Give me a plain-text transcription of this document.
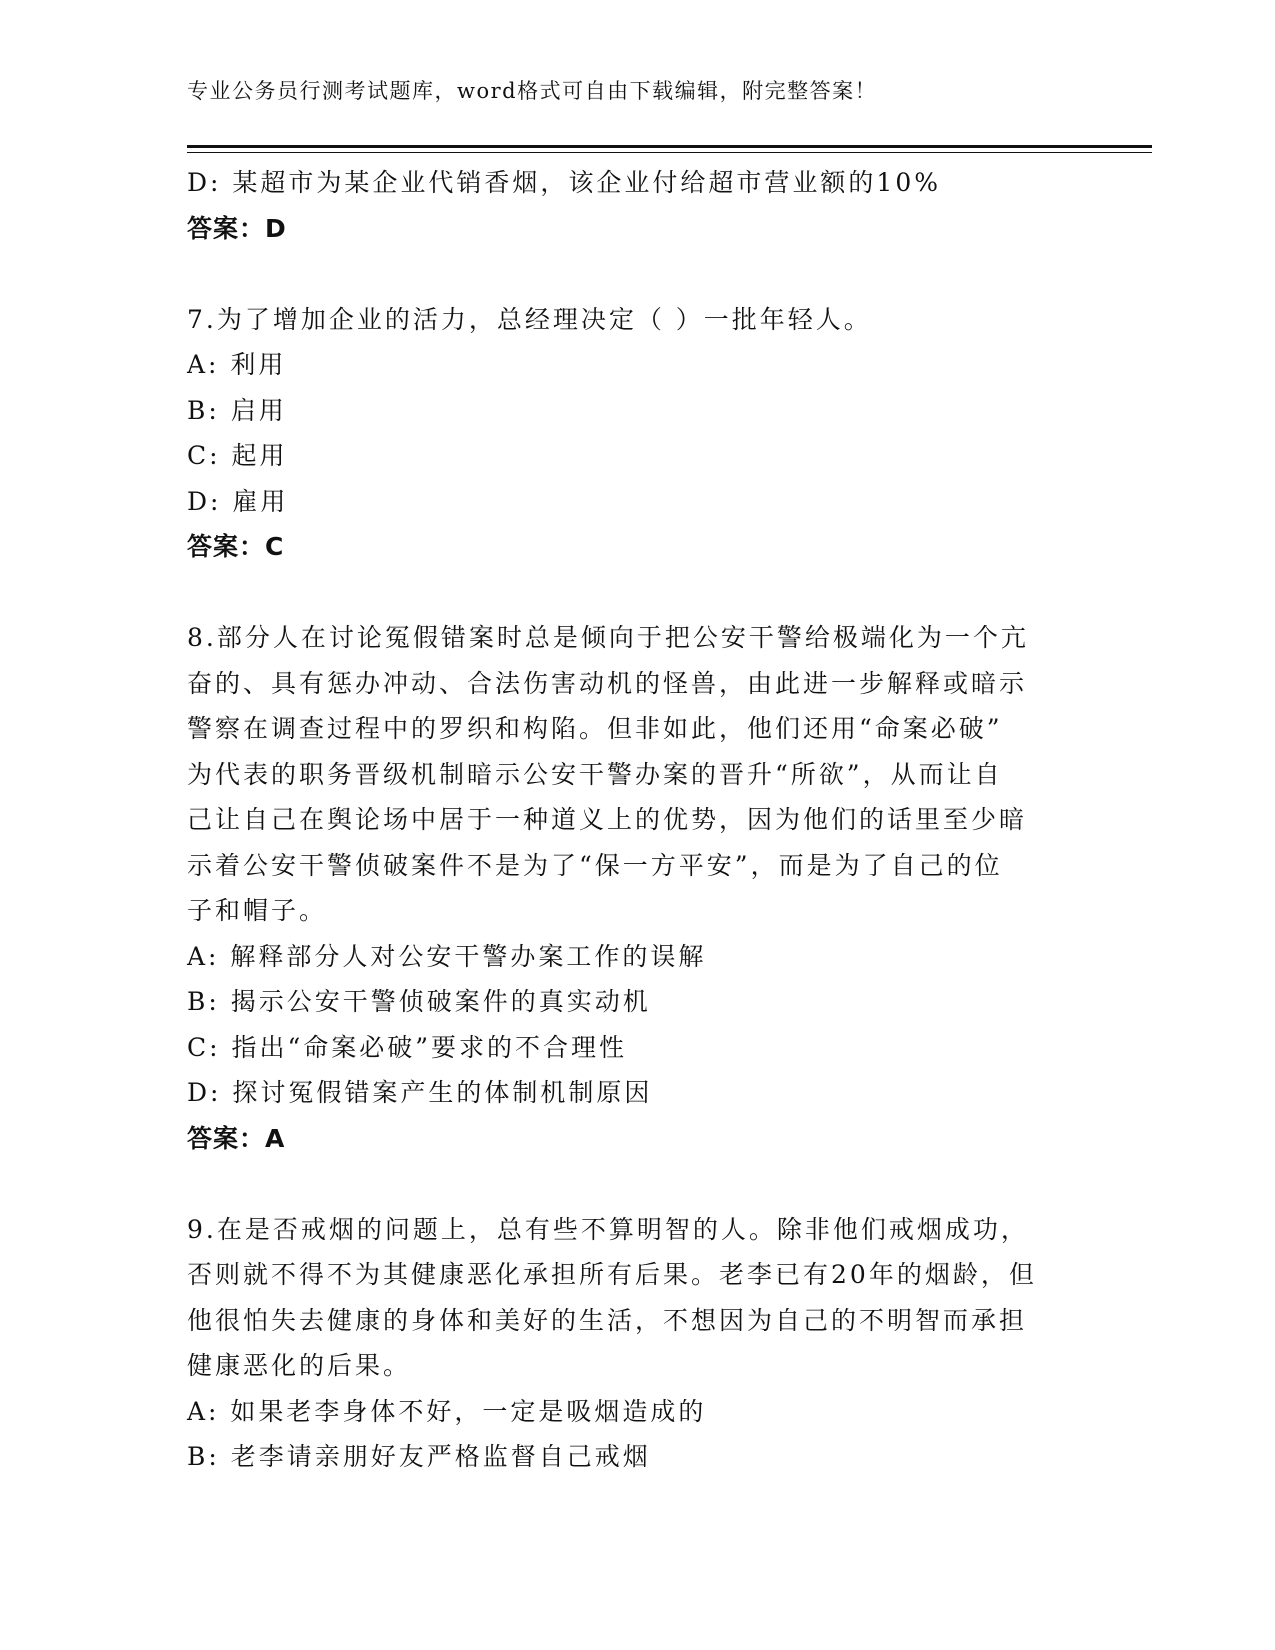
专业公务员行测考试题库，word格式可自由下载编辑，附完整答案！
D: 某超市为某企业代销香烟，该企业付给超市营业额的10%
答案：D
7.为了增加企业的活力，总经理决定（ ）一批年轻人。
A: 利用
B: 启用
C: 起用
D: 雇用
答案：C
8.部分人在讨论冤假错案时总是倾向于把公安干警给极端化为一个亢
奋的、具有惩办冲动、合法伤害动机的怪兽，由此进一步解释或暗示
警察在调查过程中的罗织和构陷。但非如此，他们还用“命案必破”
为代表的职务晋级机制暗示公安干警办案的晋升“所欲”，从而让自
己让自己在舆论场中居于一种道义上的优势，因为他们的话里至少暗
示着公安干警侦破案件不是为了“保一方平安”，而是为了自己的位
子和帽子。
A: 解释部分人对公安干警办案工作的误解
B: 揭示公安干警侦破案件的真实动机
C: 指出“命案必破”要求的不合理性
D: 探讨冤假错案产生的体制机制原因
答案：A
9.在是否戒烟的问题上，总有些不算明智的人。除非他们戒烟成功，
否则就不得不为其健康恶化承担所有后果。老李已有20年的烟龄，但
他很怕失去健康的身体和美好的生活，不想因为自己的不明智而承担
健康恶化的后果。
A: 如果老李身体不好，一定是吸烟造成的
B: 老李请亲朋好友严格监督自己戒烟
